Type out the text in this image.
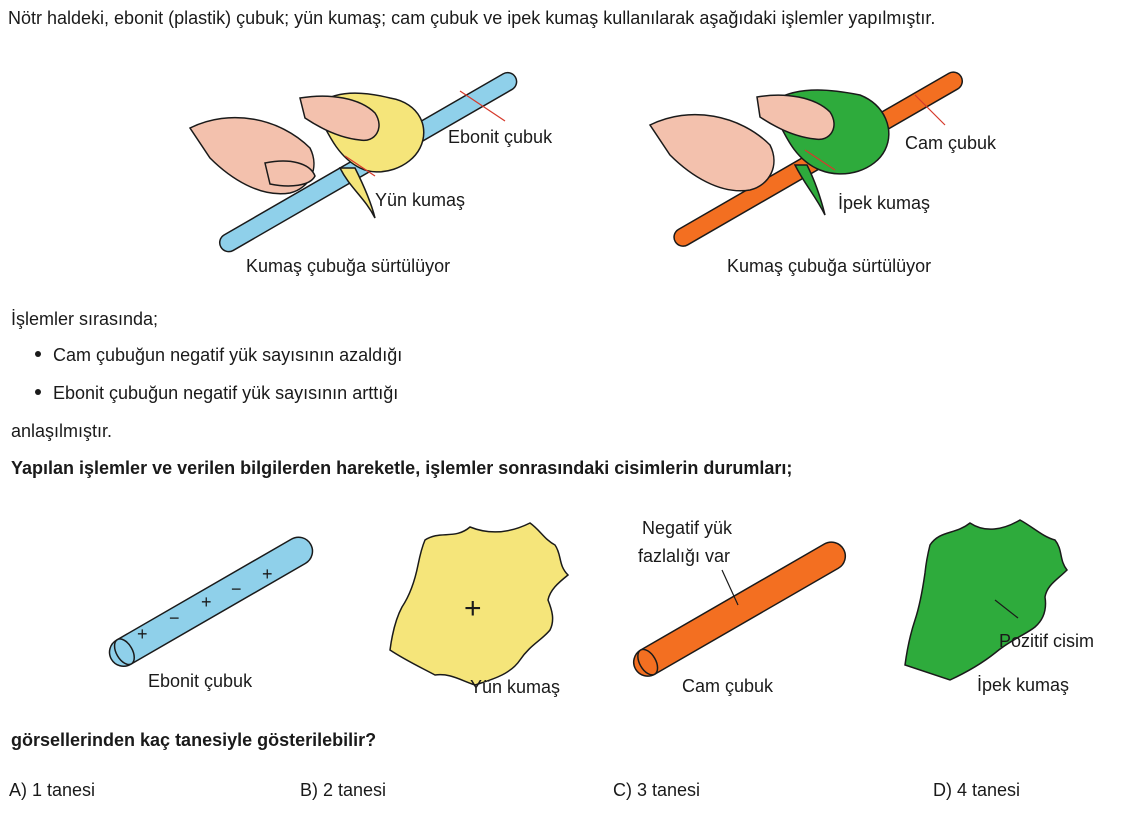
Nötr haldeki, ebonit (plastik) çubuk; yün kumaş; cam çubuk ve ipek kumaş kullanılarak aşağıdaki işlemler yapılmıştır.
Ebonit çubuk
Yün kumaş
Kumaş çubuğa sürtülüyor
Cam çubuk
İpek kumaş
Kumaş çubuğa sürtülüyor
İşlemler sırasında;
Cam çubuğun negatif yük sayısının azaldığı
Ebonit çubuğun negatif yük sayısının arttığı
anlaşılmıştır.
Yapılan işlemler ve verilen bilgilerden hareketle, işlemler sonrasındaki cisimlerin durumları;
+
−
+
−
+
Ebonit çubuk
+
Yün kumaş
Negatif yük
fazlalığı var
Cam çubuk
Pozitif cisim
İpek kumaş
görsellerinden kaç tanesiyle gösterilebilir?
A) 1 tanesi	B) 2 tanesi	C) 3 tanesi	D) 4 tanesi
